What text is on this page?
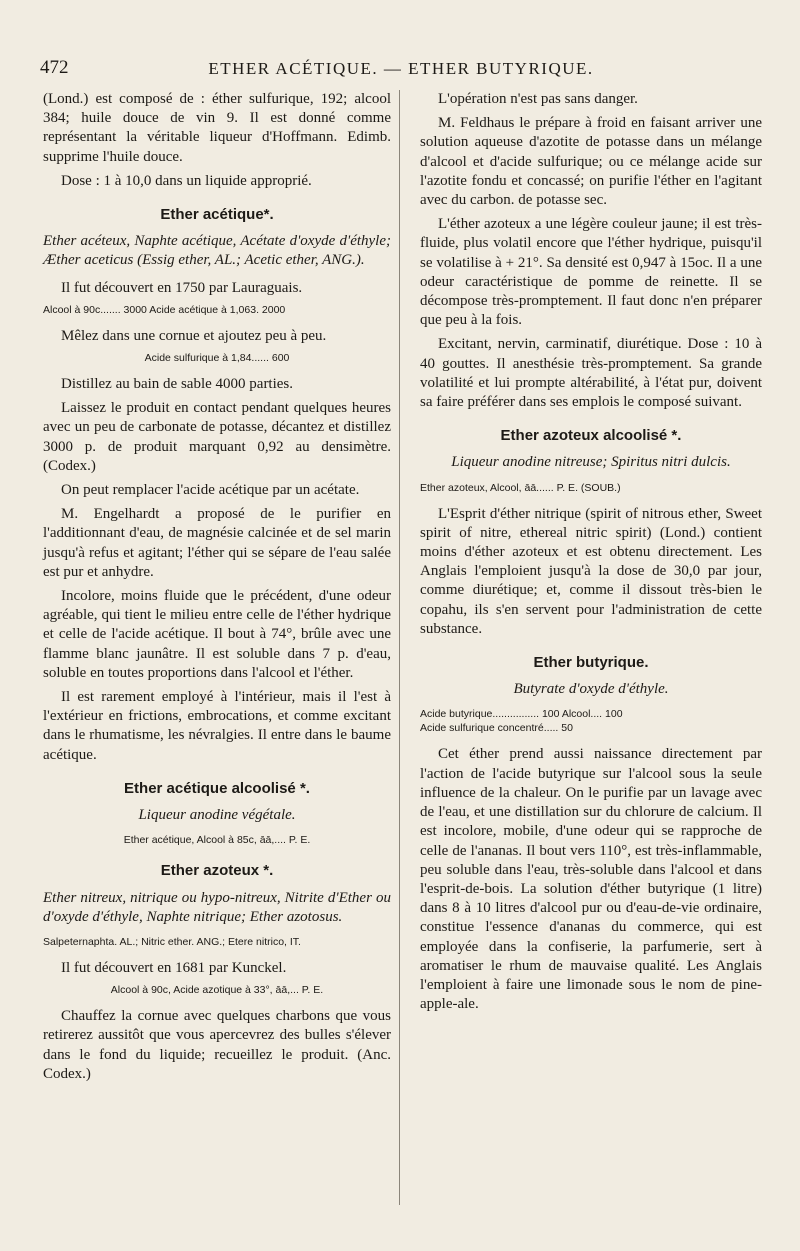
472	ETHER ACÉTIQUE. — ETHER BUTYRIQUE.

(Lond.) est composé de : éther sulfurique, 192; alcool 384; huile douce de vin 9. Il est donné comme représentant la véritable liqueur d'Hoffmann. Edimb. supprime l'huile douce.

Dose : 1 à 10,0 dans un liquide approprié.

Ether acétique*.

Ether acéteux, Naphte acétique, Acétate d'oxyde d'éthyle; Æther aceticus (Essig ether, AL.; Acetic ether, ANG.).

Il fut découvert en 1750 par Lauraguais.

Alcool à 90c....... 3000 Acide acétique à 1,063. 2000

Mêlez dans une cornue et ajoutez peu à peu.

Acide sulfurique à 1,84...... 600

Distillez au bain de sable 4000 parties.

Laissez le produit en contact pendant quelques heures avec un peu de carbonate de potasse, décantez et distillez 3000 p. de produit marquant 0,92 au densimètre. (Codex.)

On peut remplacer l'acide acétique par un acétate.

M. Engelhardt a proposé de le purifier en l'additionnant d'eau, de magnésie calcinée et de sel marin jusqu'à refus et agitant; l'éther qui se sépare de l'eau salée est pur et anhydre.

Incolore, moins fluide que le précédent, d'une odeur agréable, qui tient le milieu entre celle de l'éther hydrique et celle de l'acide acétique. Il bout à 74°, brûle avec une flamme blanc jaunâtre. Il est soluble dans 7 p. d'eau, soluble en toutes proportions dans l'alcool et l'éther.

Il est rarement employé à l'intérieur, mais il l'est à l'extérieur en frictions, embrocations, et comme excitant dans le rhumatisme, les névralgies. Il entre dans le baume acétique.

Ether acétique alcoolisé *.

Liqueur anodine végétale.

Ether acétique, Alcool à 85c, āā,.... P. E.
Ether azoteux *.

Ether nitreux, nitrique ou hypo-nitreux, Nitrite d'Ether ou d'oxyde d'éthyle, Naphte nitrique; Ether azotosus.

Salpeternaphta. AL.; Nitric ether. ANG.; Etere nitrico, IT.

Il fut découvert en 1681 par Kunckel.

Alcool à 90c, Acide azotique à 33°, āā,... P. E.

Chauffez la cornue avec quelques charbons que vous retirerez aussitôt que vous apercevrez des bulles s'élever dans le fond du liquide; recueillez le produit. (Anc. Codex.)

L'opération n'est pas sans danger.

M. Feldhaus le prépare à froid en faisant arriver une solution aqueuse d'azotite de potasse dans un mélange d'alcool et d'acide sulfurique; ou ce mélange acide sur l'azotite fondu et concassé; on purifie l'éther en l'agitant avec du carbon. de potasse sec.

L'éther azoteux a une légère couleur jaune; il est très-fluide, plus volatil encore que l'éther hydrique, puisqu'il se volatilise à + 21°. Sa densité est 0,947 à 15oc. Il a une odeur caractéristique de pomme de reinette. Il se décompose très-promptement. Il faut donc n'en préparer que peu à la fois.

Excitant, nervin, carminatif, diurétique. Dose : 10 à 40 gouttes. Il anesthésie très-promptement. Sa grande volatilité et lui prompte altérabilité, à l'état pur, doivent sa faire préférer dans ses emplois le composé suivant.

Ether azoteux alcoolisé *.

Liqueur anodine nitreuse; Spiritus nitri dulcis.

Ether azoteux, Alcool, āā...... P. E. (SOUB.)

L'Esprit d'éther nitrique (spirit of nitrous ether, Sweet spirit of nitre, ethereal nitric spirit) (Lond.) contient moins d'éther azoteux et est obtenu directement. Les Anglais l'emploient jusqu'à la dose de 30,0 par jour, comme diurétique; et, comme il dissout très-bien le copahu, ils s'en servent pour l'administration de cette substance.

Ether butyrique.

Butyrate d'oxyde d'éthyle.

Acide butyrique................ 100 Alcool.... 100
Acide sulfurique concentré..... 50

Cet éther prend aussi naissance directement par l'action de l'acide butyrique sur l'alcool sous la seule influence de la chaleur. On le purifie par un lavage avec de l'eau, et une distillation sur du chlorure de calcium. Il est incolore, mobile, d'une odeur qui se rapproche de celle de l'ananas. Il bout vers 110°, est très-inflammable, peu soluble dans l'eau, très-soluble dans l'alcool et dans l'esprit-de-bois. La solution d'éther butyrique (1 litre) dans 8 à 10 litres d'alcool pur ou d'eau-de-vie ordinaire, constitue l'essence d'ananas du commerce, qui est employée dans la confiserie, la parfumerie, sert à aromatiser le rhum de mauvaise qualité. Les Anglais l'emploient à faire une limonade sous le nom de pine-apple-ale.
